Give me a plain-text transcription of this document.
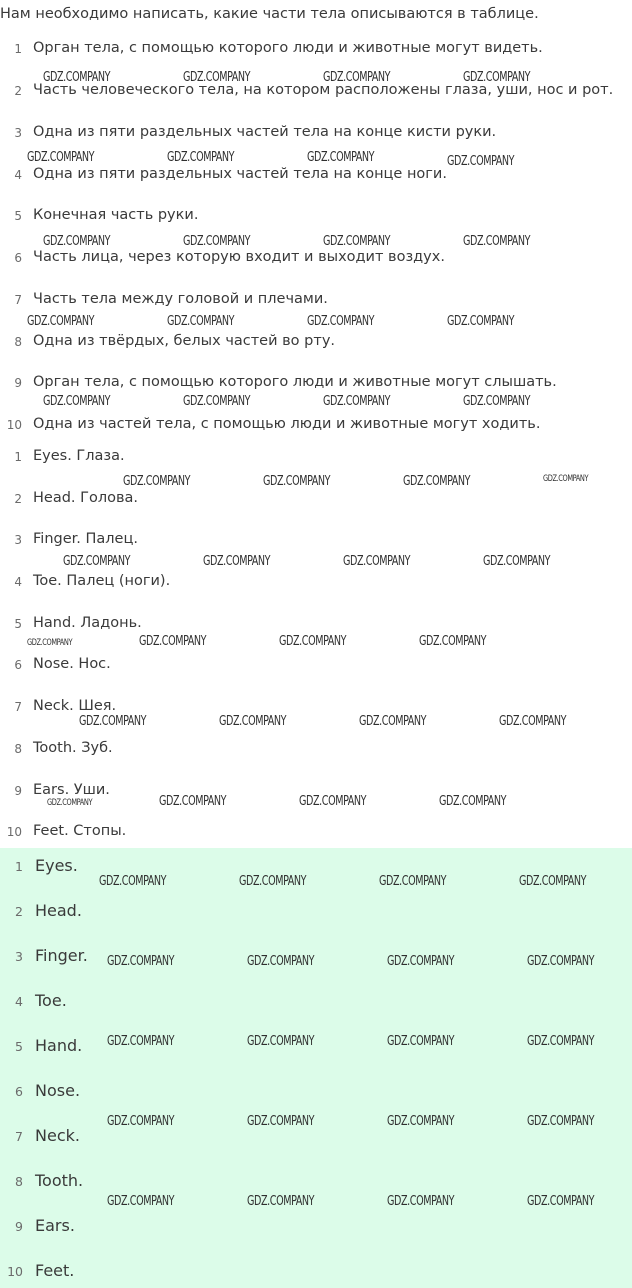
Нам необходимо написать, какие части тела описываются в таблице.
1 Орган тела, с помощью которого люди и животные могут видеть.
2 Часть человеческого тела, на котором расположены глаза, уши, нос и рот.
3 Одна из пяти раздельных частей тела на конце кисти руки.
4 Одна из пяти раздельных частей тела на конце ноги.
5 Конечная часть руки.
6 Часть лица, через которую входит и выходит воздух.
7 Часть тела между головой и плечами.
8 Одна из твёрдых, белых частей во рту.
9 Орган тела, с помощью которого люди и животные могут слышать.
10 Одна из частей тела, с помощью люди и животные могут ходить.
1 Eyes. Глаза.
2 Head. Голова.
3 Finger. Палец.
4 Toe. Палец (ноги).
5 Hand. Ладонь.
6 Nose. Нос.
7 Neck. Шея.
8 Tooth. Зуб.
9 Ears. Уши.
10 Feet. Стопы.
1 Eyes.
2 Head.
3 Finger.
4 Toe.
5 Hand.
6 Nose.
7 Neck.
8 Tooth.
9 Ears.
10 Feet.
GDZ.COMPANY	GDZ.COMPANY	GDZ.COMPANY	GDZ.COMPANY
GDZ.COMPANY	GDZ.COMPANY	GDZ.COMPANY	GDZ.COMPANY
GDZ.COMPANY	GDZ.COMPANY	GDZ.COMPANY	GDZ.COMPANY
GDZ.COMPANY	GDZ.COMPANY	GDZ.COMPANY	GDZ.COMPANY
GDZ.COMPANY	GDZ.COMPANY	GDZ.COMPANY	GDZ.COMPANY
GDZ.COMPANY	GDZ.COMPANY	GDZ.COMPANY	GDZ.COMPANY
GDZ.COMPANY	GDZ.COMPANY	GDZ.COMPANY	GDZ.COMPANY
GDZ.COMPANY	GDZ.COMPANY	GDZ.COMPANY	GDZ.COMPANY
GDZ.COMPANY	GDZ.COMPANY	GDZ.COMPANY	GDZ.COMPANY
GDZ.COMPANY	GDZ.COMPANY	GDZ.COMPANY	GDZ.COMPANY
GDZ.COMPANY	GDZ.COMPANY	GDZ.COMPANY	GDZ.COMPANY
GDZ.COMPANY	GDZ.COMPANY	GDZ.COMPANY	GDZ.COMPANY
GDZ.COMPANY	GDZ.COMPANY	GDZ.COMPANY	GDZ.COMPANY
GDZ.COMPANY	GDZ.COMPANY	GDZ.COMPANY	GDZ.COMPANY
GDZ.COMPANY	GDZ.COMPANY	GDZ.COMPANY	GDZ.COMPANY
